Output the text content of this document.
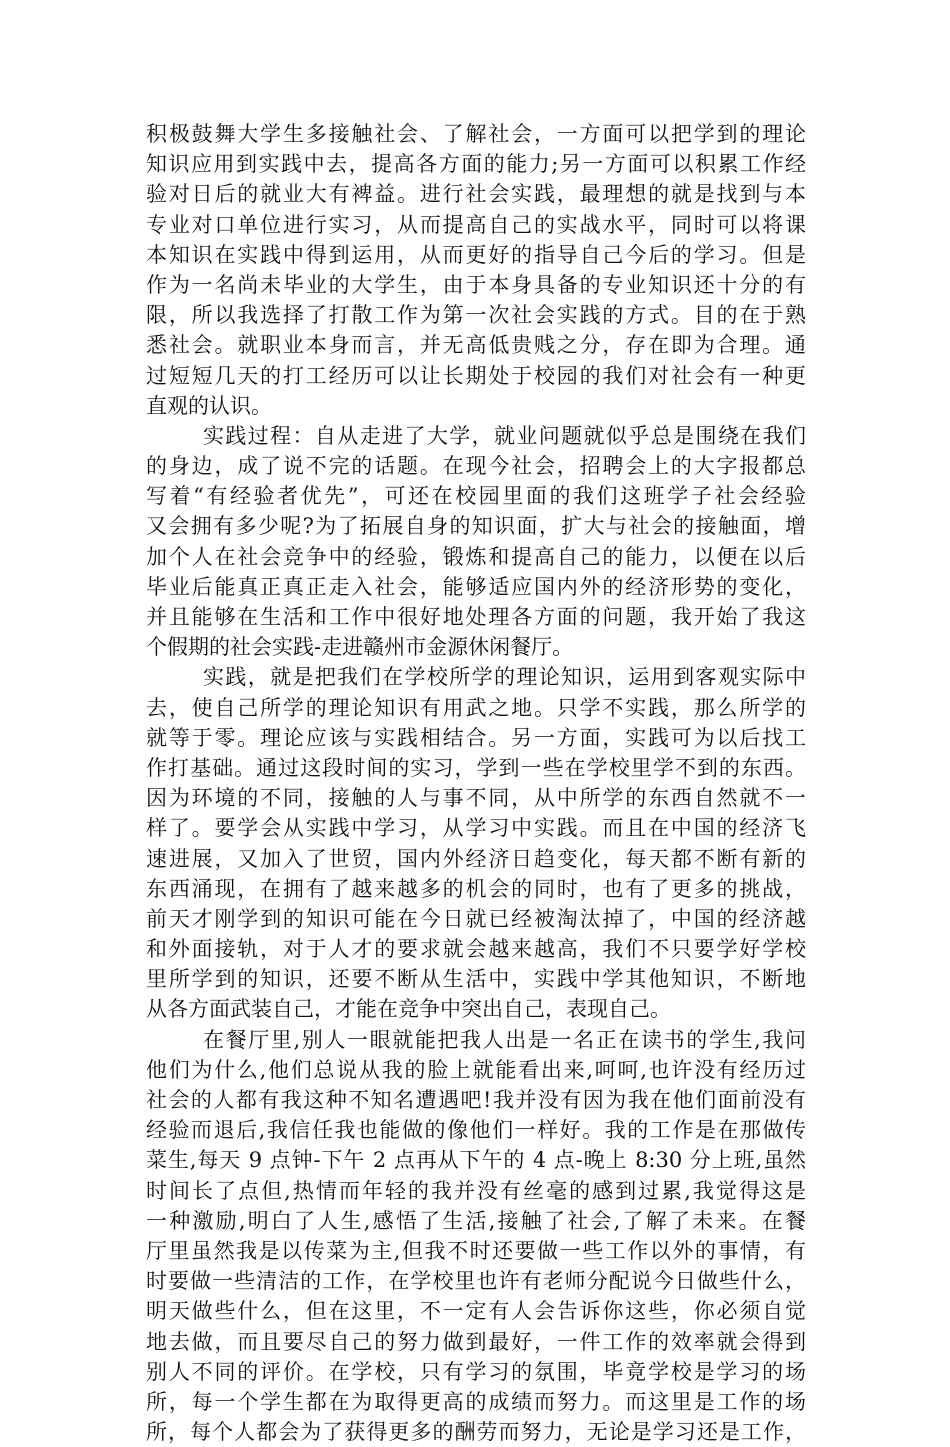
积极鼓舞大学生多接触社会、了解社会，一方面可以把学到的理论
知识应用到实践中去，提高各方面的能力;另一方面可以积累工作经
验对日后的就业大有裨益。进行社会实践，最理想的就是找到与本
专业对口单位进行实习，从而提高自己的实战水平，同时可以将课
本知识在实践中得到运用，从而更好的指导自己今后的学习。但是
作为一名尚未毕业的大学生，由于本身具备的专业知识还十分的有
限，所以我选择了打散工作为第一次社会实践的方式。目的在于熟
悉社会。就职业本身而言，并无高低贵贱之分，存在即为合理。通
过短短几天的打工经历可以让长期处于校园的我们对社会有一种更
直观的认识。
实践过程：自从走进了大学，就业问题就似乎总是围绕在我们
的身边，成了说不完的话题。在现今社会，招聘会上的大字报都总
写着“有经验者优先”，可还在校园里面的我们这班学子社会经验
又会拥有多少呢?为了拓展自身的知识面，扩大与社会的接触面，增
加个人在社会竞争中的经验，锻炼和提高自己的能力，以便在以后
毕业后能真正真正走入社会，能够适应国内外的经济形势的变化，
并且能够在生活和工作中很好地处理各方面的问题，我开始了我这
个假期的社会实践-走进赣州市金源休闲餐厅。
实践，就是把我们在学校所学的理论知识，运用到客观实际中
去，使自己所学的理论知识有用武之地。只学不实践，那么所学的
就等于零。理论应该与实践相结合。另一方面，实践可为以后找工
作打基础。通过这段时间的实习，学到一些在学校里学不到的东西。
因为环境的不同，接触的人与事不同，从中所学的东西自然就不一
样了。要学会从实践中学习，从学习中实践。而且在中国的经济飞
速进展，又加入了世贸，国内外经济日趋变化，每天都不断有新的
东西涌现，在拥有了越来越多的机会的同时，也有了更多的挑战，
前天才刚学到的知识可能在今日就已经被淘汰掉了，中国的经济越
和外面接轨，对于人才的要求就会越来越高，我们不只要学好学校
里所学到的知识，还要不断从生活中，实践中学其他知识，不断地
从各方面武装自己，才能在竞争中突出自己，表现自己。
在餐厅里,别人一眼就能把我人出是一名正在读书的学生,我问
他们为什么,他们总说从我的脸上就能看出来,呵呵,也许没有经历过
社会的人都有我这种不知名遭遇吧!我并没有因为我在他们面前没有
经验而退后,我信任我也能做的像他们一样好。我的工作是在那做传
菜生,每天 9 点钟-下午 2 点再从下午的 4 点-晚上 8:30 分上班,虽然
时间长了点但,热情而年轻的我并没有丝毫的感到过累,我觉得这是
一种激励,明白了人生,感悟了生活,接触了社会,了解了未来。在餐
厅里虽然我是以传菜为主,但我不时还要做一些工作以外的事情，有
时要做一些清洁的工作，在学校里也许有老师分配说今日做些什么，
明天做些什么，但在这里，不一定有人会告诉你这些，你必须自觉
地去做，而且要尽自己的努力做到最好，一件工作的效率就会得到
别人不同的评价。在学校，只有学习的氛围，毕竟学校是学习的场
所，每一个学生都在为取得更高的成绩而努力。而这里是工作的场
所，每个人都会为了获得更多的酬劳而努力，无论是学习还是工作，
